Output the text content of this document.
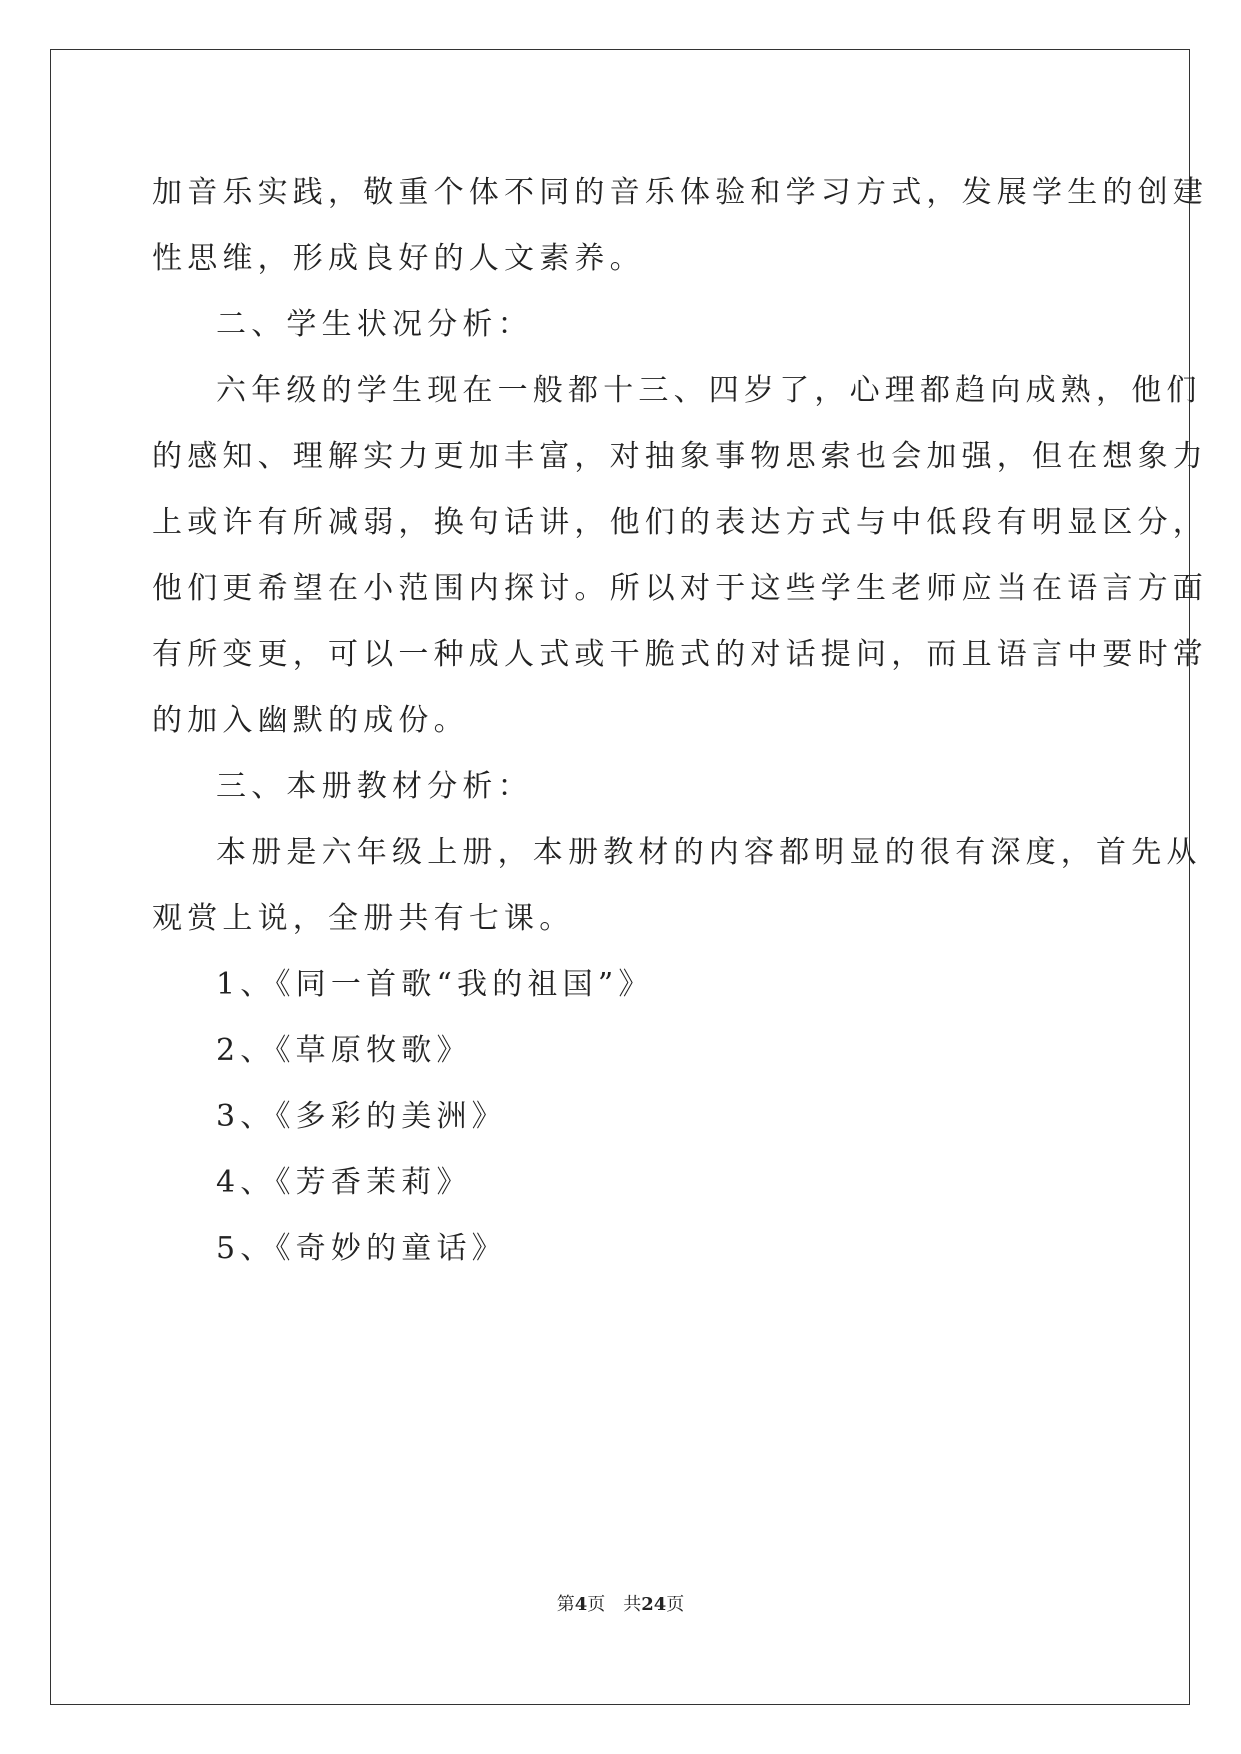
加音乐实践，敬重个体不同的音乐体验和学习方式，发展学生的创建
性思维，形成良好的人文素养。
二、学生状况分析：
六年级的学生现在一般都十三、四岁了，心理都趋向成熟，他们
的感知、理解实力更加丰富，对抽象事物思索也会加强，但在想象力
上或许有所减弱，换句话讲，他们的表达方式与中低段有明显区分，
他们更希望在小范围内探讨。所以对于这些学生老师应当在语言方面
有所变更，可以一种成人式或干脆式的对话提问，而且语言中要时常
的加入幽默的成份。
三、本册教材分析：
本册是六年级上册，本册教材的内容都明显的很有深度，首先从
观赏上说，全册共有七课。
1、《同一首歌“我的祖国”》
2、《草原牧歌》
3、《多彩的美洲》
4、《芳香茉莉》
5、《奇妙的童话》
第4页 共24页
